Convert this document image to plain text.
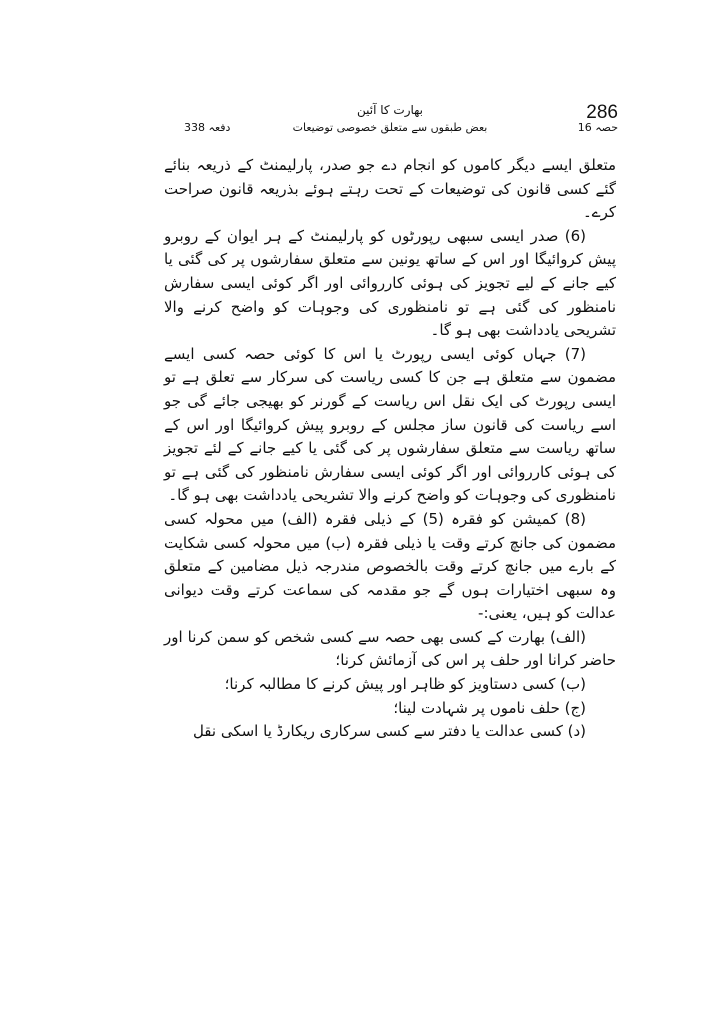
286
بھارت کا آئین
حصہ 16
بعض طبقوں سے متعلق خصوصی توضیعات
دفعہ 338

متعلق ایسے دیگر کاموں کو انجام دے جو صدر، پارلیمنٹ کے ذریعہ بنائے گئے کسی قانون کی توضیعات کے تحت رہتے ہوئے بذریعہ قانون صراحت کرے۔

(6) صدر ایسی سبھی رپورٹوں کو پارلیمنٹ کے ہر ایوان کے روبرو پیش کروائیگا اور اس کے ساتھ یونین سے متعلق سفارشوں پر کی گئی یا کیے جانے کے لیے تجویز کی ہوئی کارروائی اور اگر کوئی ایسی سفارش نامنظور کی گئی ہے تو نامنظوری کی وجوہات کو واضح کرنے والا تشریحی یادداشت بھی ہو گا۔

(7) جہاں کوئی ایسی رپورٹ یا اس کا کوئی حصہ کسی ایسے مضمون سے متعلق ہے جن کا کسی ریاست کی سرکار سے تعلق ہے تو ایسی رپورٹ کی ایک نقل اس ریاست کے گورنر کو بھیجی جائے گی جو اسے ریاست کی قانون ساز مجلس کے روبرو پیش کروائیگا اور اس کے ساتھ ریاست سے متعلق سفارشوں پر کی گئی یا کیے جانے کے لئے تجویز کی ہوئی کارروائی اور اگر کوئی ایسی سفارش نامنظور کی گئی ہے تو نامنظوری کی وجوہات کو واضح کرنے والا تشریحی یادداشت بھی ہو گا۔

(8) کمیشن کو فقرہ (5) کے ذیلی فقرہ (الف) میں محولہ کسی مضمون کی جانچ کرتے وقت یا ذیلی فقرہ (ب) میں محولہ کسی شکایت کے بارے میں جانچ کرتے وقت بالخصوص مندرجہ ذیل مضامین کے متعلق وہ سبھی اختیارات ہوں گے جو مقدمہ کی سماعت کرتے وقت دیوانی عدالت کو ہیں، یعنی:-

(الف) بھارت کے کسی بھی حصہ سے کسی شخص کو سمن کرنا اور حاضر کرانا اور حلف پر اس کی آزمائش کرنا؛

(ب) کسی دستاویز کو ظاہر اور پیش کرنے کا مطالبہ کرنا؛

(ج) حلف ناموں پر شہادت لینا؛

(د) کسی عدالت یا دفتر سے کسی سرکاری ریکارڈ یا اسکی نقل
